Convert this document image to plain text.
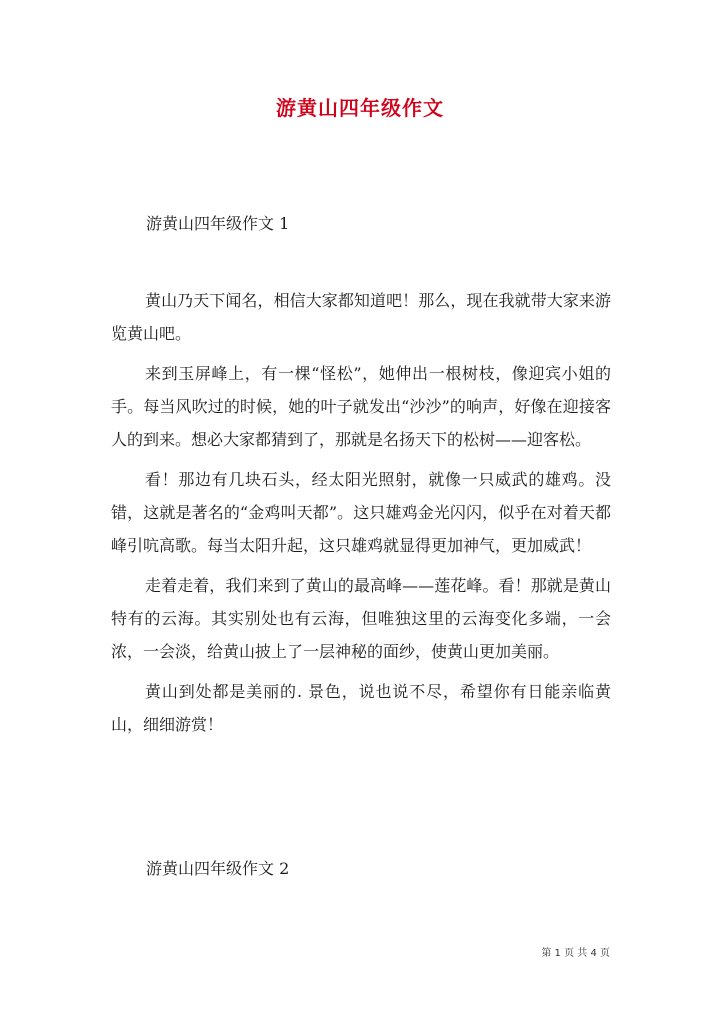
游黄山四年级作文
游黄山四年级作文 1

黄山乃天下闻名，相信大家都知道吧！那么，现在我就带大家来游览黄山吧。

来到玉屏峰上，有一棵“怪松”，她伸出一根树枝，像迎宾小姐的手。每当风吹过的时候，她的叶子就发出“沙沙”的响声，好像在迎接客人的到来。想必大家都猜到了，那就是名扬天下的松树——迎客松。

看！那边有几块石头，经太阳光照射，就像一只威武的雄鸡。没错，这就是著名的“金鸡叫天都”。这只雄鸡金光闪闪，似乎在对着天都峰引吭高歌。每当太阳升起，这只雄鸡就显得更加神气，更加威武！

走着走着，我们来到了黄山的最高峰——莲花峰。看！那就是黄山特有的云海。其实别处也有云海，但唯独这里的云海变化多端，一会浓，一会淡，给黄山披上了一层神秘的面纱，使黄山更加美丽。

黄山到处都是美丽的. 景色，说也说不尽，希望你有日能亲临黄山，细细游赏！

游黄山四年级作文 2
第 1 页 共 4 页
